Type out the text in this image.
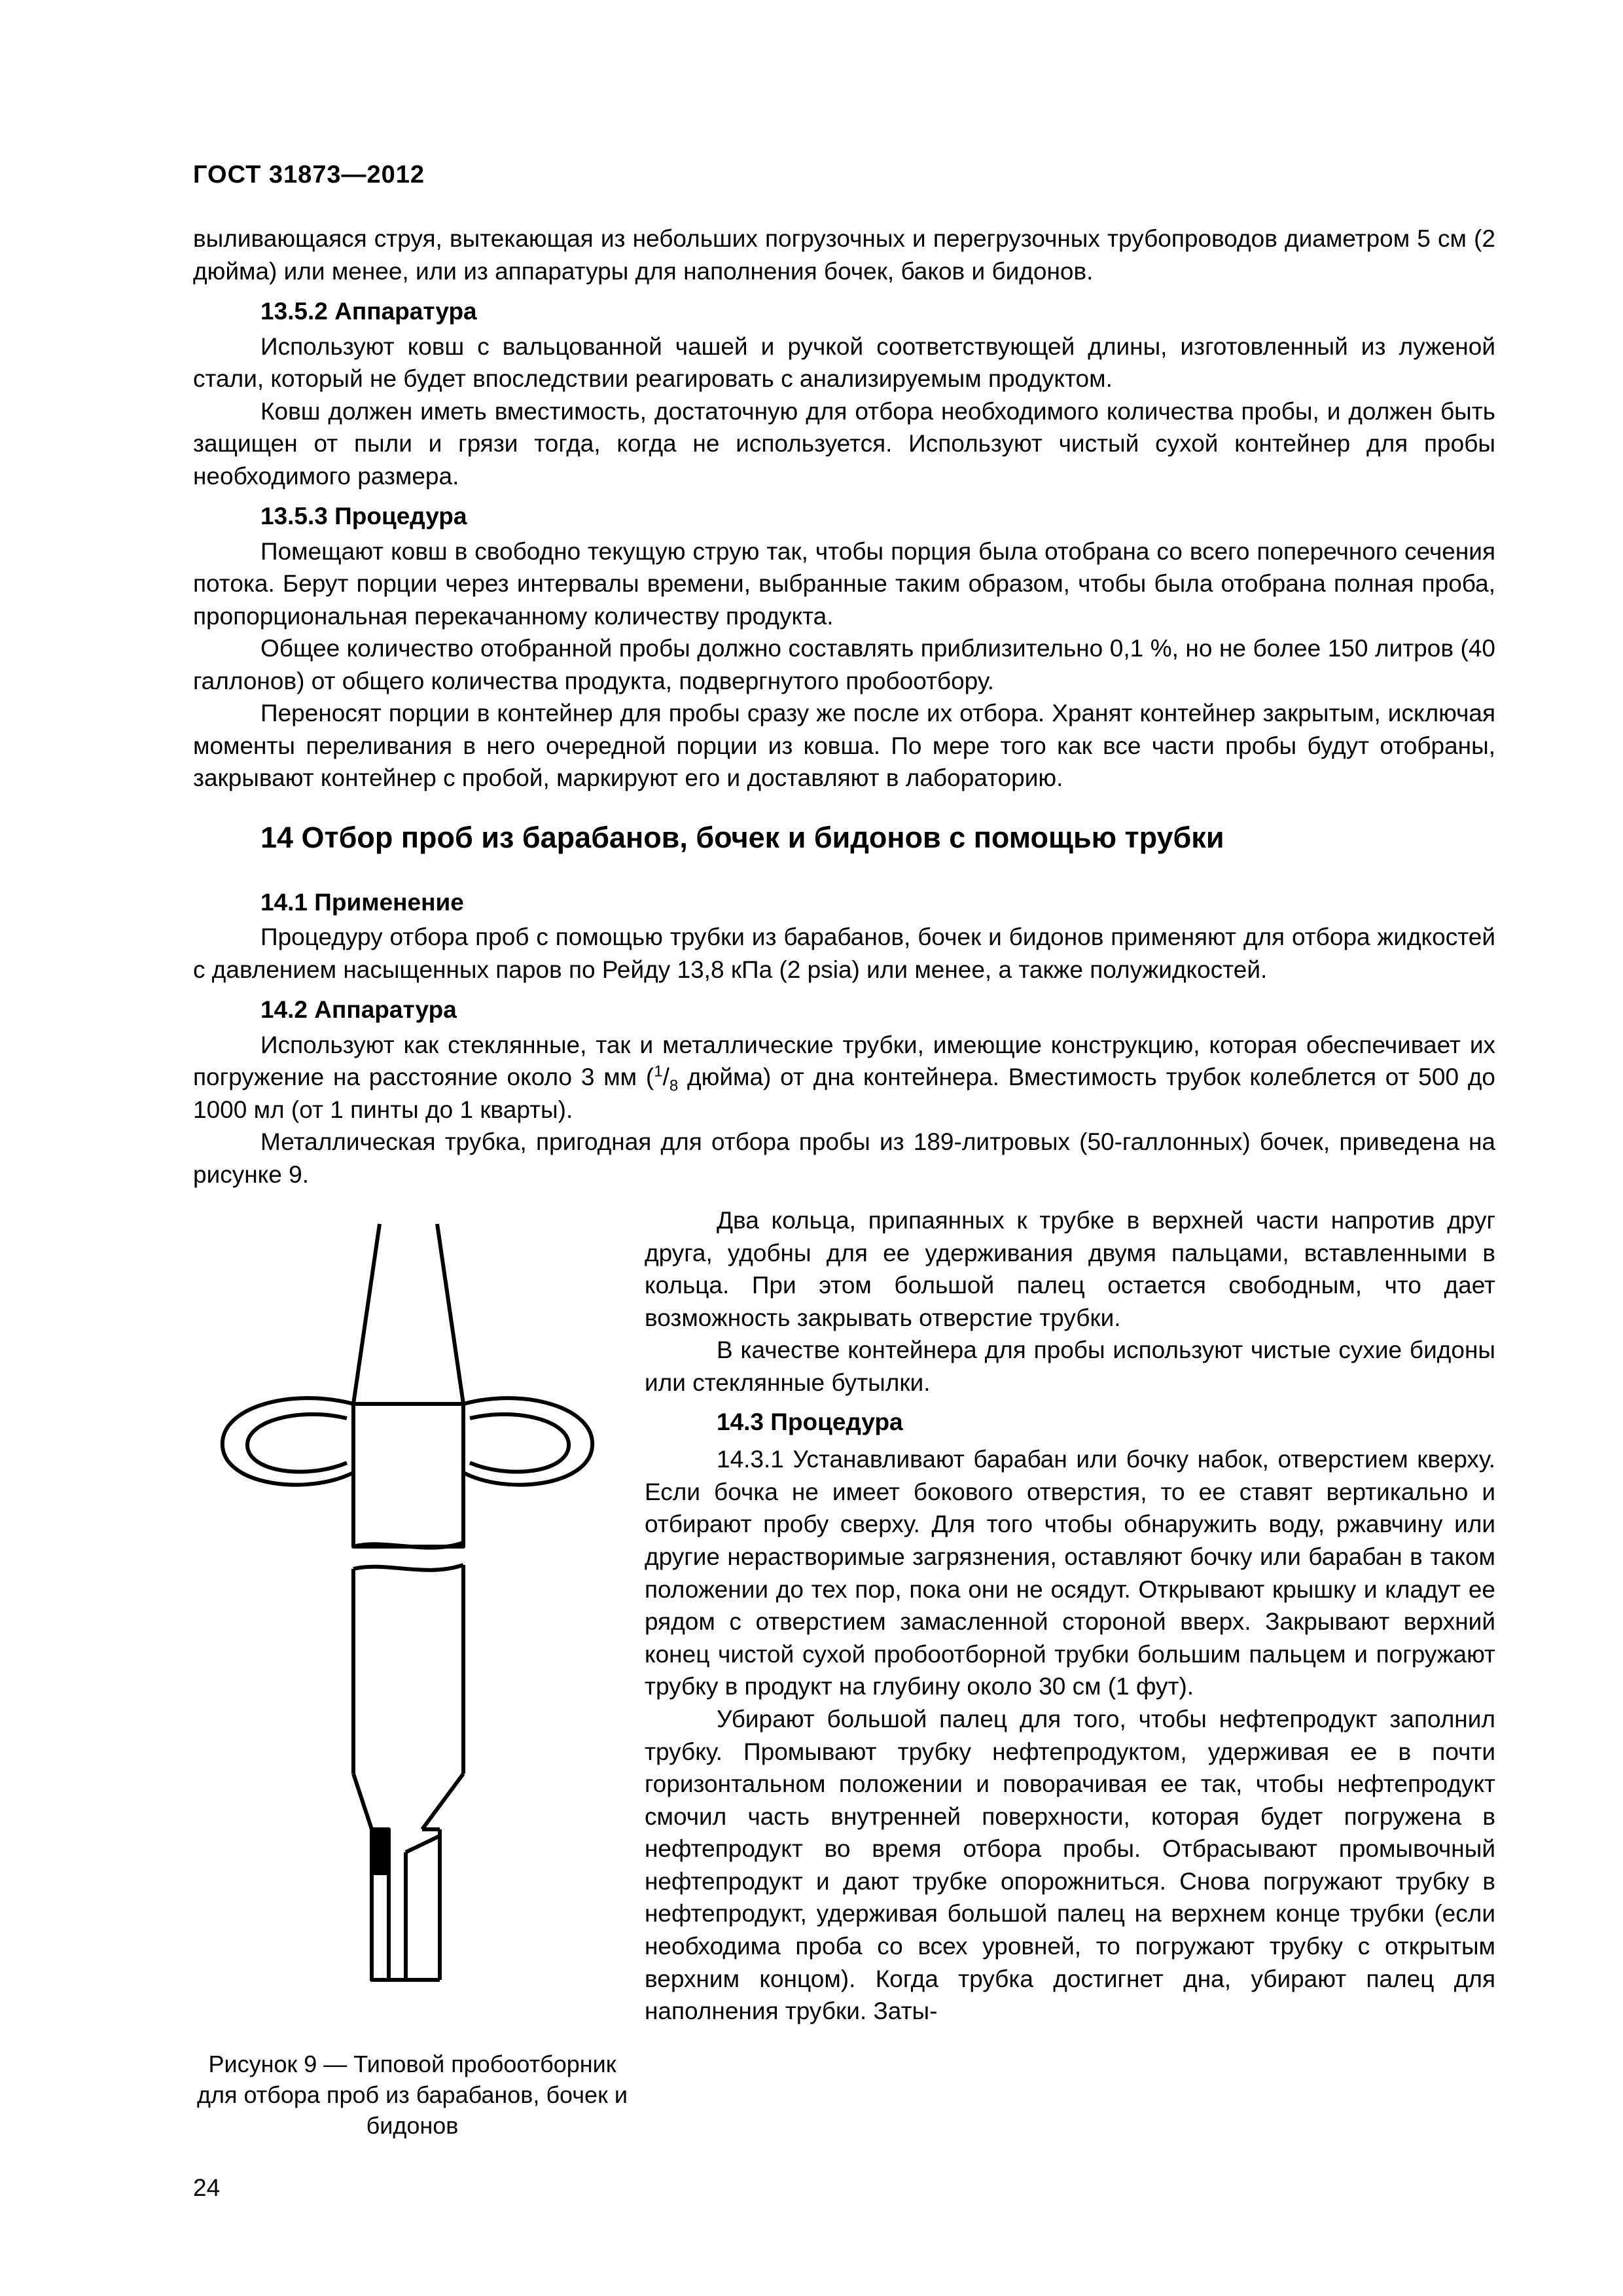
ГОСТ 31873—2012

выливающаяся струя, вытекающая из небольших погрузочных и перегрузочных трубопроводов диаметром 5 см (2 дюйма) или менее, или из аппаратуры для наполнения бочек, баков и бидонов.

13.5.2 Аппаратура

Используют ковш с вальцованной чашей и ручкой соответствующей длины, изготовленный из луженой стали, который не будет впоследствии реагировать с анализируемым продуктом.

Ковш должен иметь вместимость, достаточную для отбора необходимого количества пробы, и должен быть защищен от пыли и грязи тогда, когда не используется. Используют чистый сухой контейнер для пробы необходимого размера.

13.5.3 Процедура

Помещают ковш в свободно текущую струю так, чтобы порция была отобрана со всего поперечного сечения потока. Берут порции через интервалы времени, выбранные таким образом, чтобы была отобрана полная проба, пропорциональная перекачанному количеству продукта.

Общее количество отобранной пробы должно составлять приблизительно 0,1 %, но не более 150 литров (40 галлонов) от общего количества продукта, подвергнутого пробоотбору.

Переносят порции в контейнер для пробы сразу же после их отбора. Хранят контейнер закрытым, исключая моменты переливания в него очередной порции из ковша. По мере того как все части пробы будут отобраны, закрывают контейнер с пробой, маркируют его и доставляют в лабораторию.

14 Отбор проб из барабанов, бочек и бидонов с помощью трубки
14.1 Применение

Процедуру отбора проб с помощью трубки из барабанов, бочек и бидонов применяют для отбора жидкостей с давлением насыщенных паров по Рейду 13,8 кПа (2 psia) или менее, а также полужидкостей.

14.2 Аппаратура

Используют как стеклянные, так и металлические трубки, имеющие конструкцию, которая обеспечивает их погружение на расстояние около 3 мм ($^1/_8$ дюйма) от дна контейнера. Вместимость трубок колеблется от 500 до 1000 мл (от 1 пинты до 1 кварты).

Металлическая трубка, пригодная для отбора пробы из 189-литровых (50-галлонных) бочек, приведена на рисунке 9.

Рисунок 9 — Типовой пробоотборник для отбора проб из барабанов, бочек и бидонов

Два кольца, припаянных к трубке в верхней части напротив друг друга, удобны для ее удерживания двумя пальцами, вставленными в кольца. При этом большой палец остается свободным, что дает возможность закрывать отверстие трубки.

В качестве контейнера для пробы используют чистые сухие бидоны или стеклянные бутылки.

14.3 Процедура

14.3.1 Устанавливают барабан или бочку набок, отверстием кверху. Если бочка не имеет бокового отверстия, то ее ставят вертикально и отбирают пробу сверху. Для того чтобы обнаружить воду, ржавчину или другие нерастворимые загрязнения, оставляют бочку или барабан в таком положении до тех пор, пока они не осядут. Открывают крышку и кладут ее рядом с отверстием замасленной стороной вверх. Закрывают верхний конец чистой сухой пробоотборной трубки большим пальцем и погружают трубку в продукт на глубину около 30 см (1 фут).

Убирают большой палец для того, чтобы нефтепродукт заполнил трубку. Промывают трубку нефтепродуктом, удерживая ее в почти горизонтальном положении и поворачивая ее так, чтобы нефтепродукт смочил часть внутренней поверхности, которая будет погружена в нефтепродукт во время отбора пробы. Отбрасывают промывочный нефтепродукт и дают трубке опорожниться. Снова погружают трубку в нефтепродукт, удерживая большой палец на верхнем конце трубки (если необходима проба со всех уровней, то погружают трубку с открытым верхним концом). Когда трубка достигнет дна, убирают палец для наполнения трубки. Заты-

24
